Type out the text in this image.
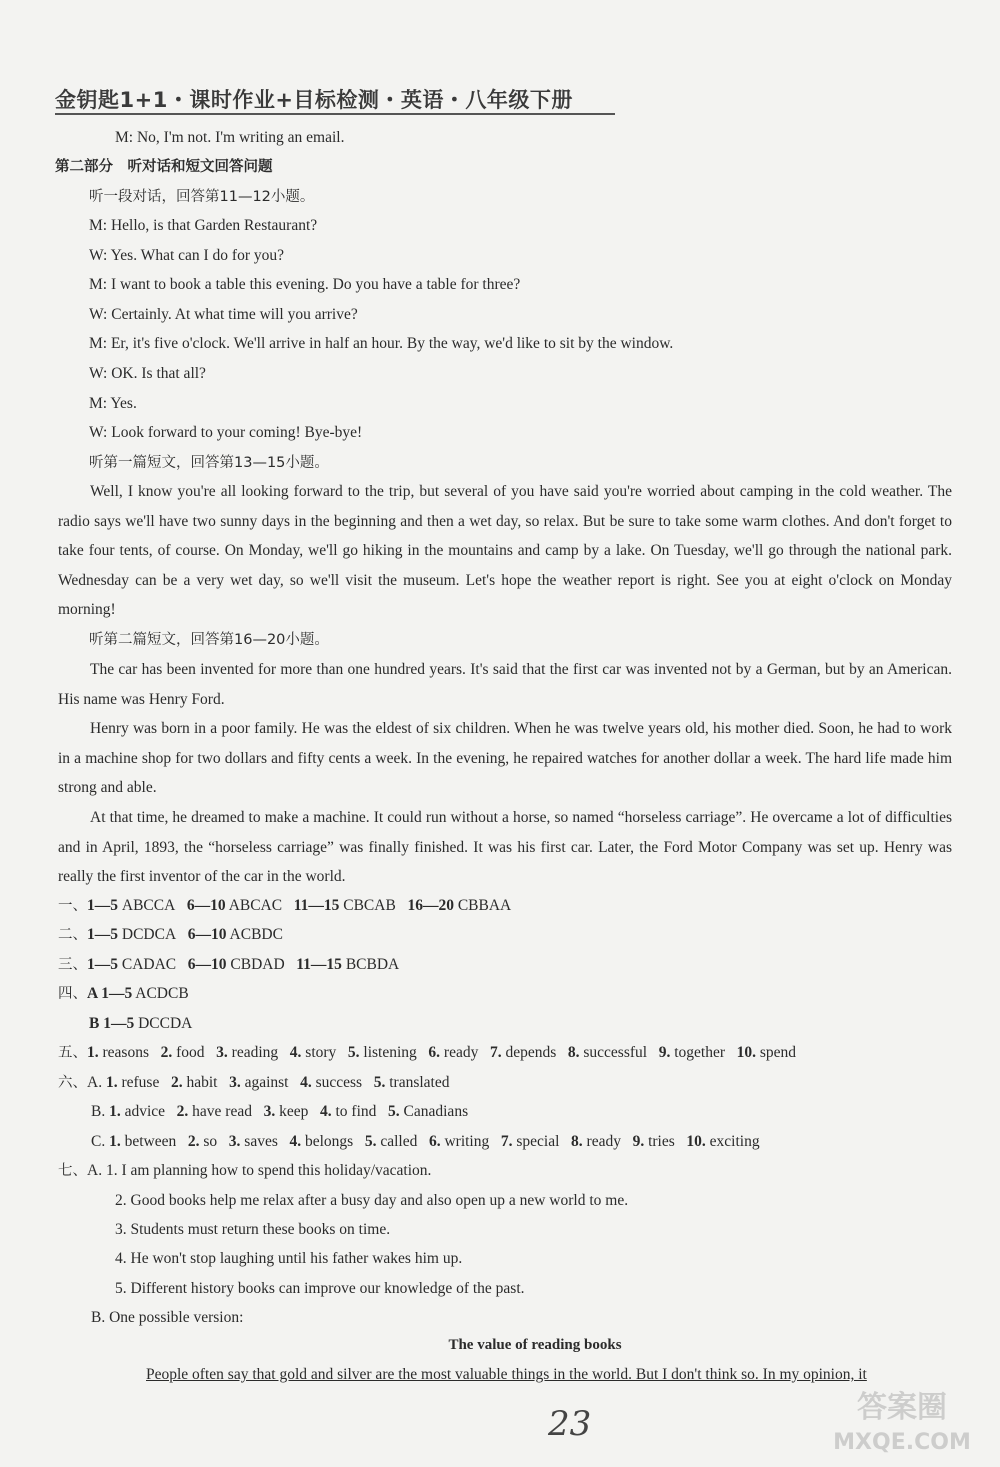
金钥匙1+1・课时作业+目标检测・英语・八年级下册
M: No, I'm not. I'm writing an email.
第二部分　听对话和短文回答问题
听一段对话，回答第11—12小题。
M: Hello, is that Garden Restaurant?
W: Yes. What can I do for you?
M: I want to book a table this evening. Do you have a table for three?
W: Certainly. At what time will you arrive?
M: Er, it's five o'clock. We'll arrive in half an hour. By the way, we'd like to sit by the window.
W: OK. Is that all?
M: Yes.
W: Look forward to your coming! Bye-bye!
听第一篇短文，回答第13—15小题。

Well, I know you're all looking forward to the trip, but several of you have said you're worried about camping in the cold weather. The radio says we'll have two sunny days in the beginning and then a wet day, so relax. But be sure to take some warm clothes. And don't forget to take four tents, of course. On Monday, we'll go hiking in the mountains and camp by a lake. On Tuesday, we'll go through the national park. Wednesday can be a very wet day, so we'll visit the museum. Let's hope the weather report is right. See you at eight o'clock on Monday morning!

听第二篇短文，回答第16—20小题。

The car has been invented for more than one hundred years. It's said that the first car was invented not by a German, but by an American. His name was Henry Ford.

Henry was born in a poor family. He was the eldest of six children. When he was twelve years old, his mother died. Soon, he had to work in a machine shop for two dollars and fifty cents a week. In the evening, he repaired watches for another dollar a week. The hard life made him strong and able.

At that time, he dreamed to make a machine. It could run without a horse, so named “horseless carriage”. He overcame a lot of difficulties and in April, 1893, the “horseless carriage” was finally finished. It was his first car. Later, the Ford Motor Company was set up. Henry was really the first inventor of the car in the world.

一、1—5 ABCCA 6—10 ABCAC 11—15 CBCAB 16—20 CBBAA
二、1—5 DCDCA 6—10 ACBDC
三、1—5 CADAC 6—10 CBDAD 11—15 BCBDA
四、A 1—5 ACDCB
B 1—5 DCCDA
五、1. reasons 2. food 3. reading 4. story 5. listening 6. ready 7. depends 8. successful 9. together 10. spend
六、A. 1. refuse 2. habit 3. against 4. success 5. translated
B. 1. advice 2. have read 3. keep 4. to find 5. Canadians
C. 1. between 2. so 3. saves 4. belongs 5. called 6. writing 7. special 8. ready 9. tries 10. exciting
七、A. 1. I am planning how to spend this holiday/vacation.
2. Good books help me relax after a busy day and also open up a new world to me.
3. Students must return these books on time.
4. He won't stop laughing until his father wakes him up.
5. Different history books can improve our knowledge of the past.
B. One possible version:
The value of reading books
People often say that gold and silver are the most valuable things in the world. But I don't think so. In my opinion, it
23	答案圈
MXQE.COM
